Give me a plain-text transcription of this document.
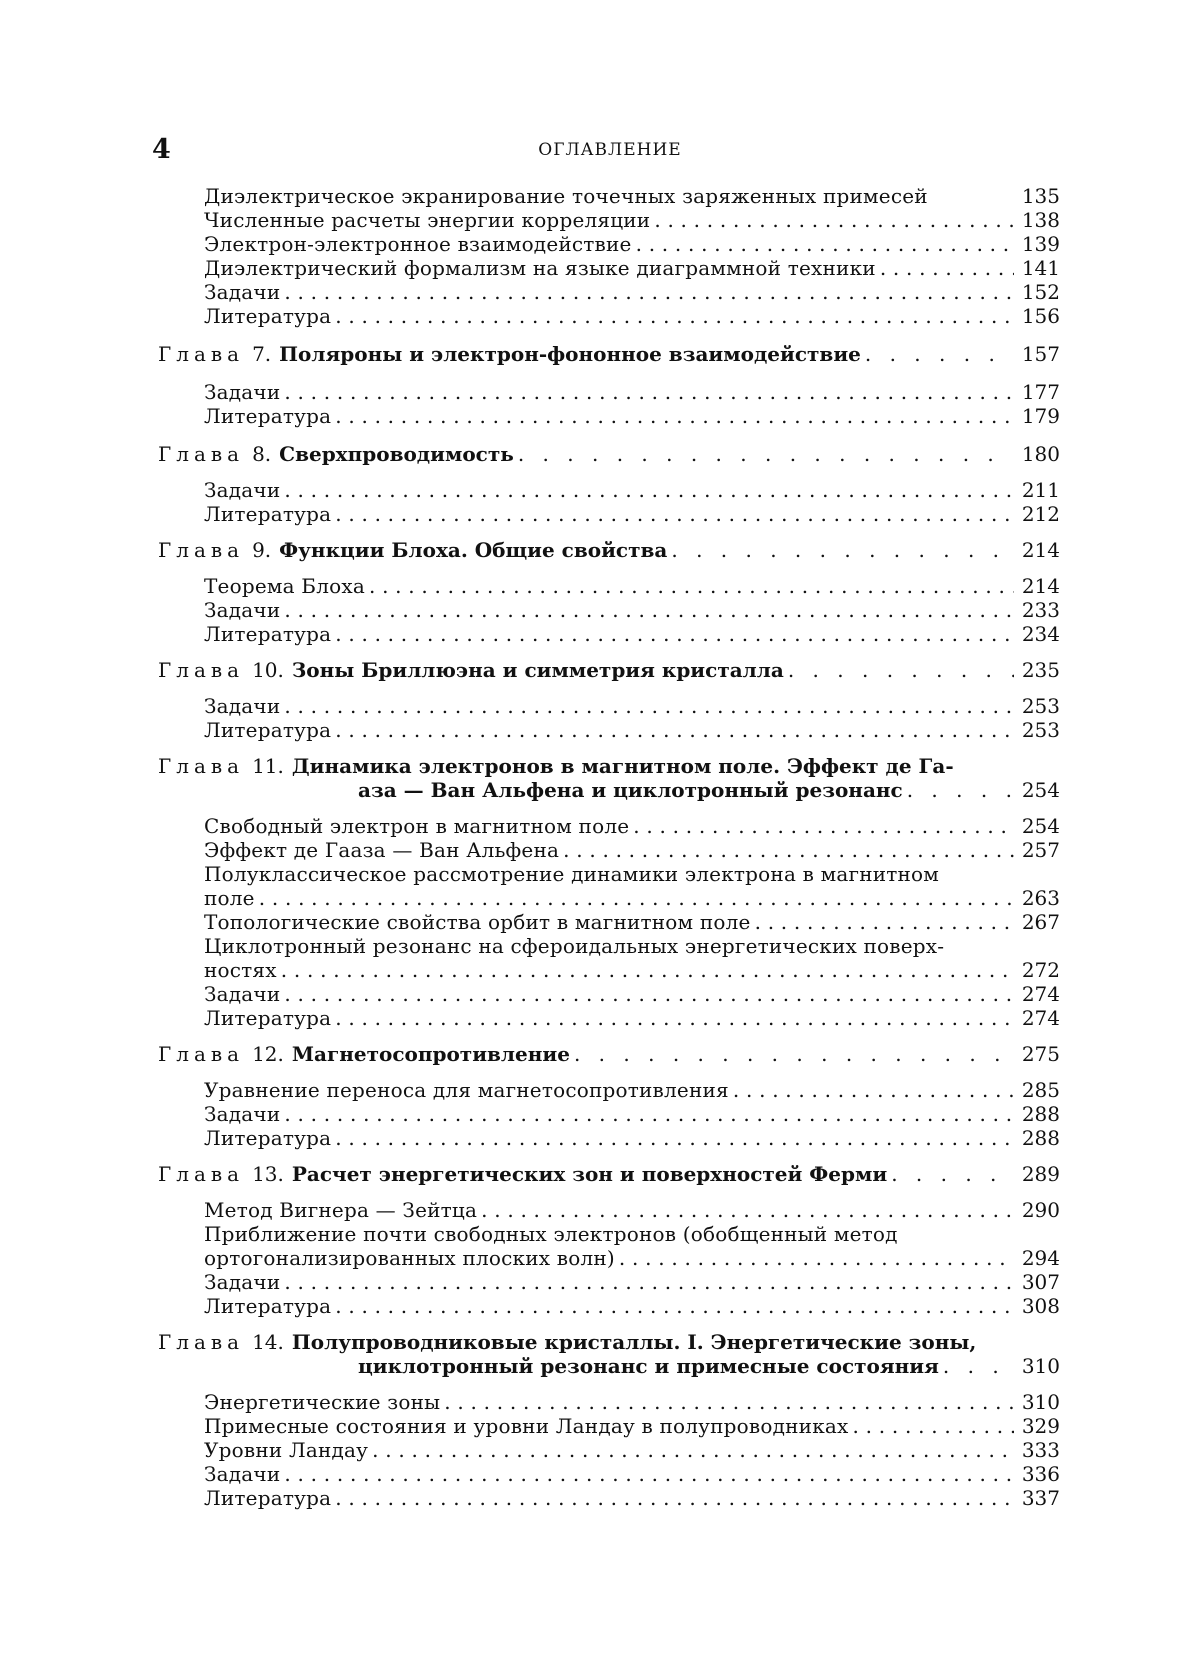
4	ОГЛАВЛЕНИЕ
Диэлектрическое экранирование точечных заряженных примесей	135
Численные расчеты энергии корреляции
. . .	138
Электрон-электронное взаимодействие
. . .	139
Диэлектрический формализм на языке диаграммной техники
. . .	141
Задачи
. . .	152
Литература
. . .	156
Глава 7. Поляроны и электрон-фононное взаимодействие
. . .	157
Задачи
. . .	177
Литература
. . .	179
Глава 8. Сверхпроводимость
. . .	180
Задачи
. . .	211
Литература
. . .	212
Глава 9. Функции Блоха. Общие свойства
. . .	214
Теорема Блоха
. . .	214
Задачи
. . .	233
Литература
. . .	234
Глава 10. Зоны Бриллюэна и симметрия кристалла
. . .	235
Задачи
. . .	253
Литература
. . .	253
Глава 11. Динамика электронов в магнитном поле. Эффект де Га-
аза — Ван Альфена и циклотронный резонанс
. . .	254
Свободный электрон в магнитном поле
. . .	254
Эффект де Гааза — Ван Альфена
. . .	257
Полуклассическое рассмотрение динамики электрона в магнитном
поле
. . .	263
Топологические свойства орбит в магнитном поле
. . .	267
Циклотронный резонанс на сфероидальных энергетических поверх-
ностях
. . .	272
Задачи
. . .	274
Литература
. . .	274
Глава 12. Магнетосопротивление
. . .	275
Уравнение переноса для магнетосопротивления
. . .	285
Задачи
. . .	288
Литература
. . .	288
Глава 13. Расчет энергетических зон и поверхностей Ферми
. . .	289
Метод Вигнера — Зейтца
. . .	290
Приближение почти свободных электронов (обобщенный метод
ортогонализированных плоских волн)
. . .	294
Задачи
. . .	307
Литература
. . .	308
Глава 14. Полупроводниковые кристаллы. I. Энергетические зоны,
циклотронный резонанс и примесные состояния
. . .	310
Энергетические зоны
. . .	310
Примесные состояния и уровни Ландау в полупроводниках
. . .	329
Уровни Ландау
. . .	333
Задачи
. . .	336
Литература
. . .	337
